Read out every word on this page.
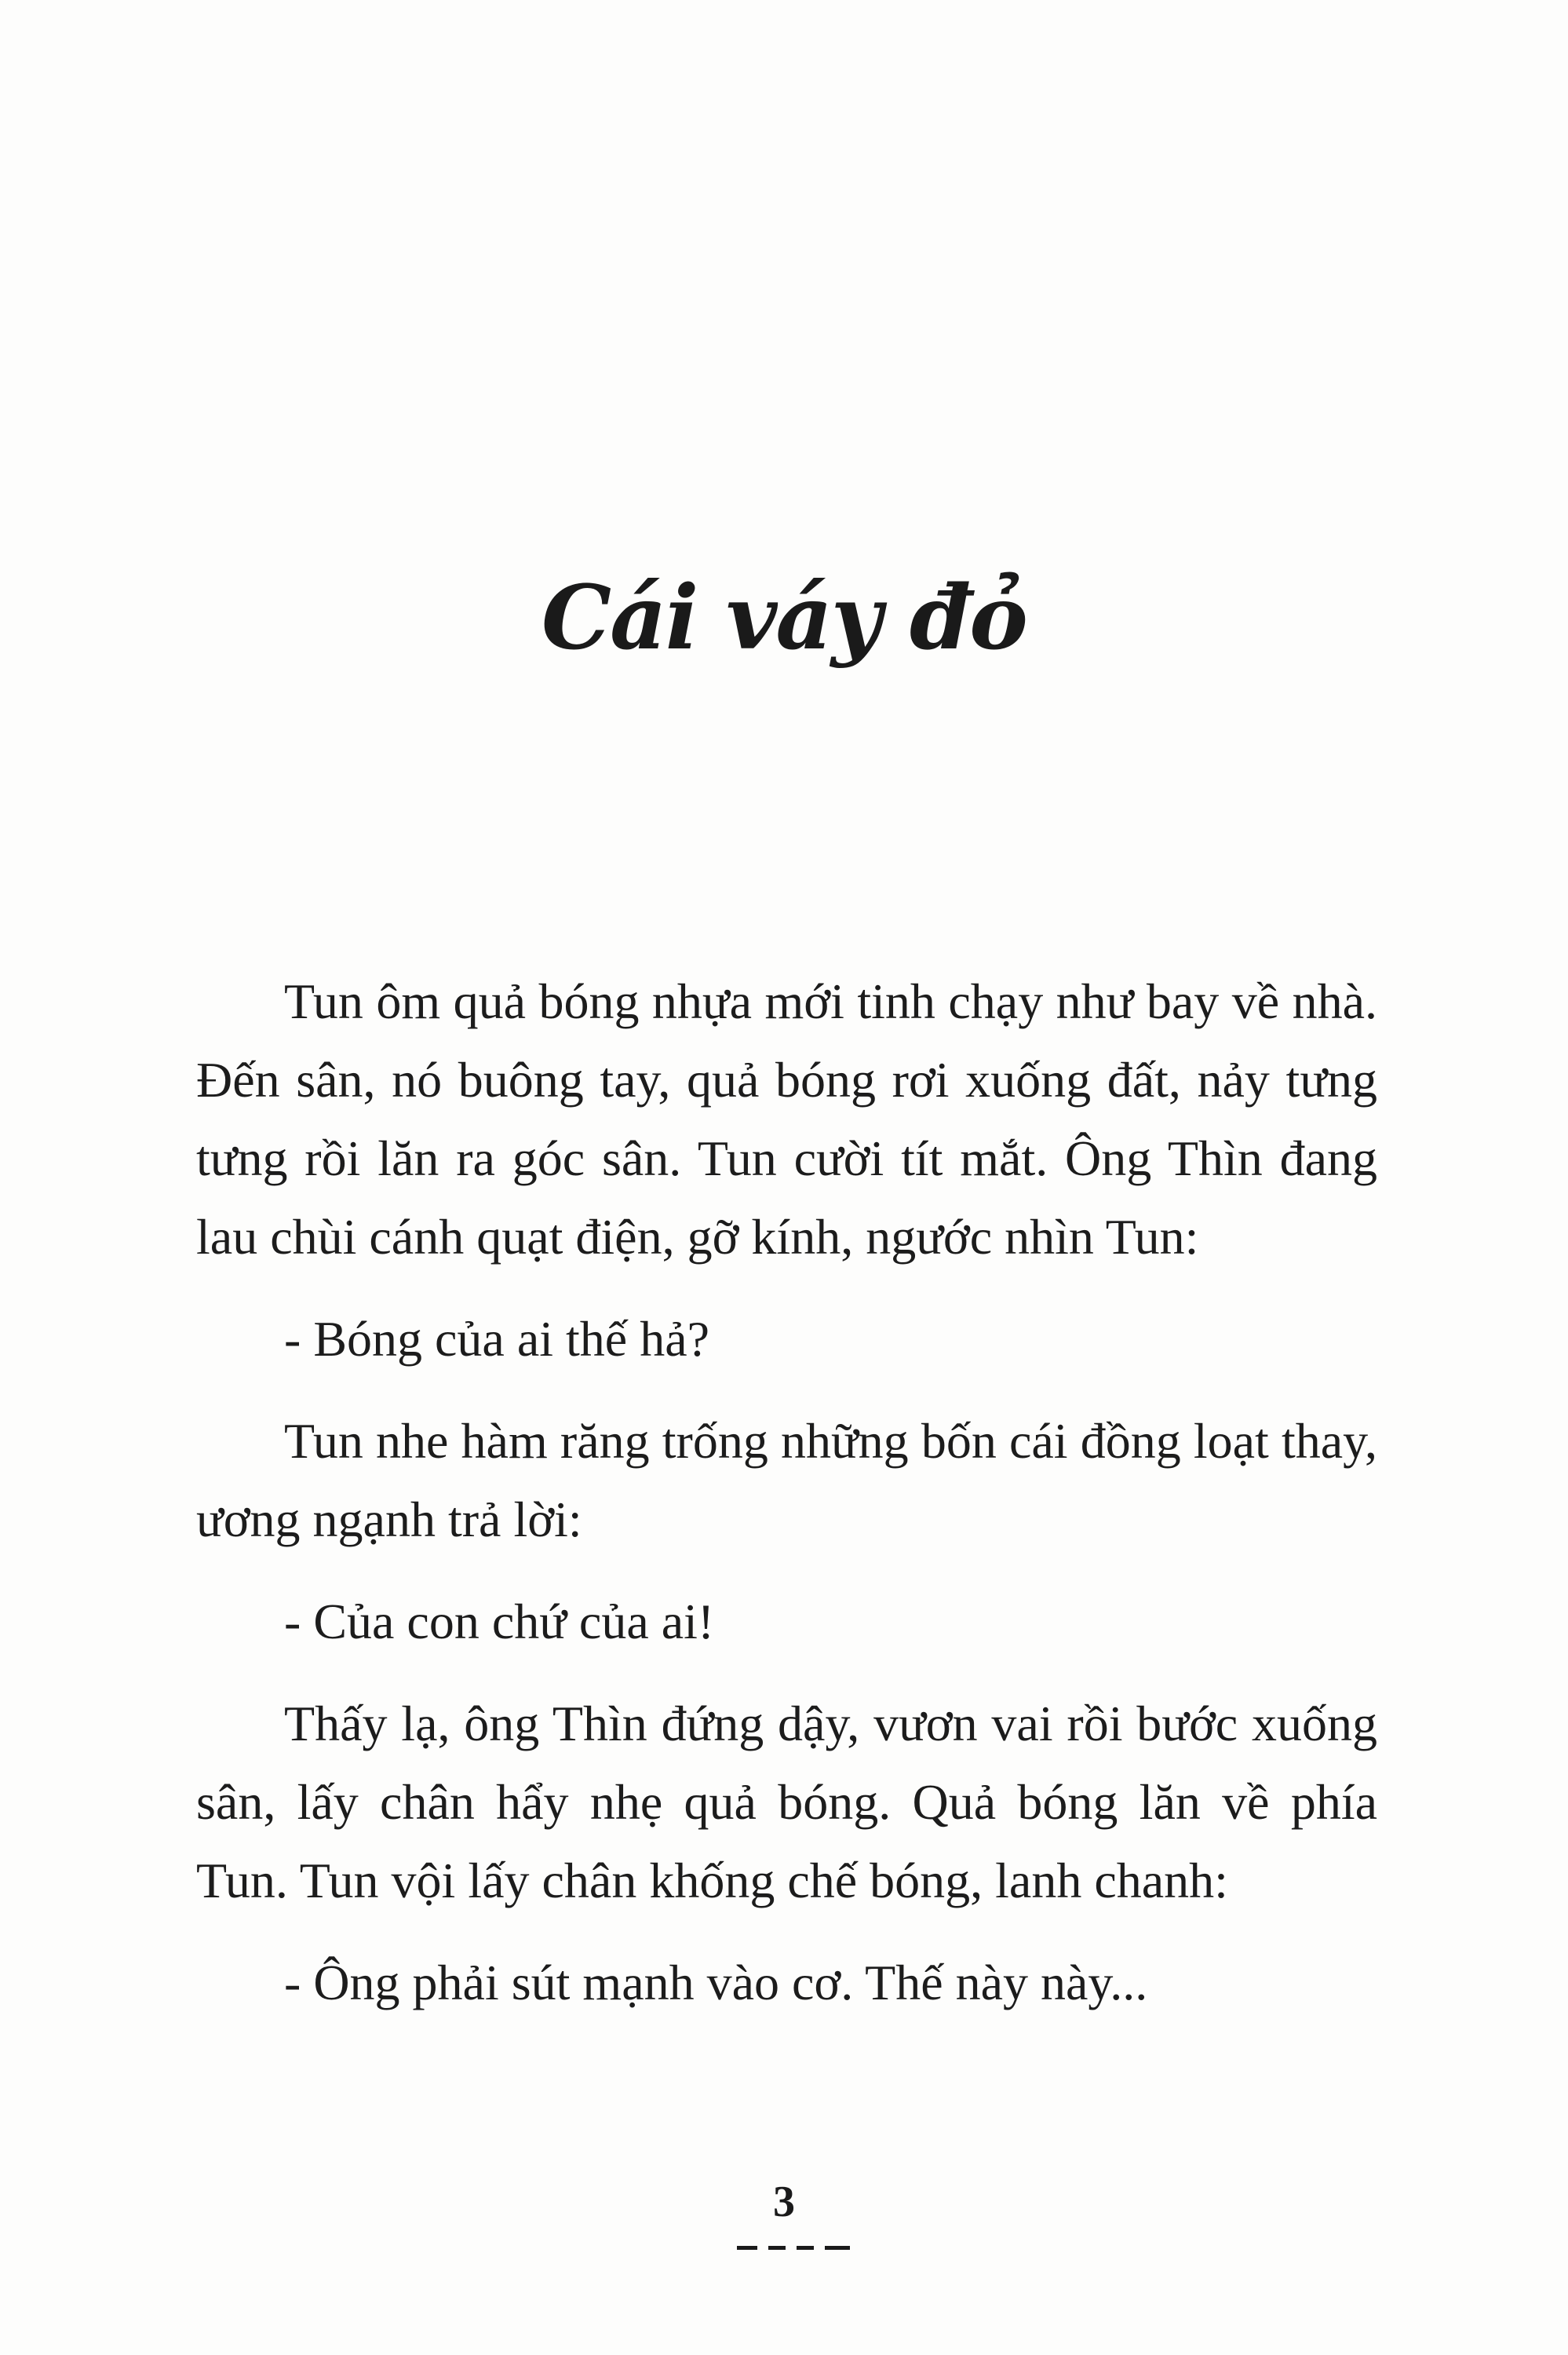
Cái váy đỏ

Tun ôm quả bóng nhựa mới tinh chạy như bay về nhà. Đến sân, nó buông tay, quả bóng rơi xuống đất, nảy tưng tưng rồi lăn ra góc sân. Tun cười tít mắt. Ông Thìn đang lau chùi cánh quạt điện, gỡ kính, ngước nhìn Tun:

- Bóng của ai thế hả?

Tun nhe hàm răng trống những bốn cái đồng loạt thay, ương ngạnh trả lời:

- Của con chứ của ai!

Thấy lạ, ông Thìn đứng dậy, vươn vai rồi bước xuống sân, lấy chân hẩy nhẹ quả bóng. Quả bóng lăn về phía Tun. Tun vội lấy chân khống chế bóng, lanh chanh:

- Ông phải sút mạnh vào cơ. Thế này này...

3
